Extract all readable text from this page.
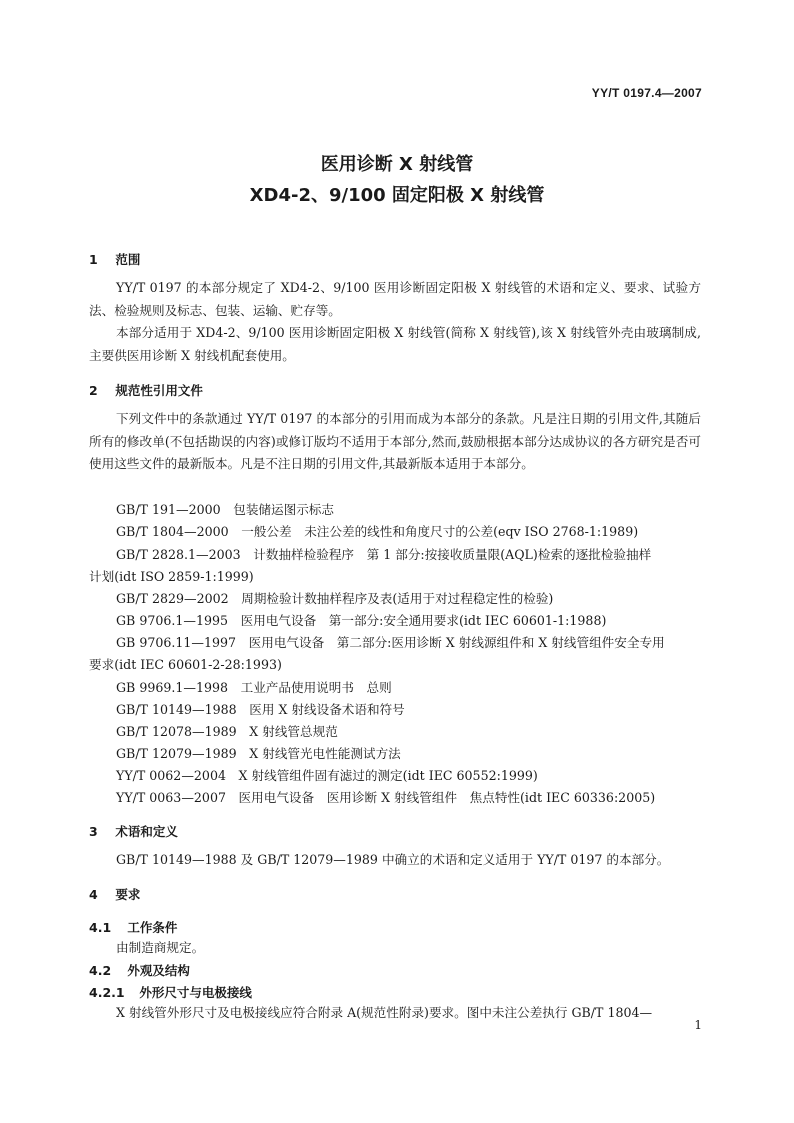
YY/T 0197.4—2007
医用诊断 X 射线管
XD4-2、9/100 固定阳极 X 射线管
1 范围
YY/T 0197 的本部分规定了 XD4-2、9/100 医用诊断固定阳极 X 射线管的术语和定义、要求、试验方法、检验规则及标志、包装、运输、贮存等。
本部分适用于 XD4-2、9/100 医用诊断固定阳极 X 射线管(简称 X 射线管),该 X 射线管外壳由玻璃制成,主要供医用诊断 X 射线机配套使用。
2 规范性引用文件
下列文件中的条款通过 YY/T 0197 的本部分的引用而成为本部分的条款。凡是注日期的引用文件,其随后所有的修改单(不包括勘误的内容)或修订版均不适用于本部分,然而,鼓励根据本部分达成协议的各方研究是否可使用这些文件的最新版本。凡是不注日期的引用文件,其最新版本适用于本部分。
GB/T 191—2000　包装储运图示标志
GB/T 1804—2000　一般公差　未注公差的线性和角度尺寸的公差(eqv ISO 2768-1:1989)
GB/T 2828.1—2003　计数抽样检验程序　第 1 部分:按接收质量限(AQL)检索的逐批检验抽样
计划(idt ISO 2859-1:1999)
GB/T 2829—2002　周期检验计数抽样程序及表(适用于对过程稳定性的检验)
GB 9706.1—1995　医用电气设备　第一部分:安全通用要求(idt IEC 60601-1:1988)
GB 9706.11—1997　医用电气设备　第二部分:医用诊断 X 射线源组件和 X 射线管组件安全专用
要求(idt IEC 60601-2-28:1993)
GB 9969.1—1998　工业产品使用说明书　总则
GB/T 10149—1988　医用 X 射线设备术语和符号
GB/T 12078—1989　X 射线管总规范
GB/T 12079—1989　X 射线管光电性能测试方法
YY/T 0062—2004　X 射线管组件固有滤过的测定(idt IEC 60552:1999)
YY/T 0063—2007　医用电气设备　医用诊断 X 射线管组件　焦点特性(idt IEC 60336:2005)
3 术语和定义
GB/T 10149—1988 及 GB/T 12079—1989 中确立的术语和定义适用于 YY/T 0197 的本部分。
4 要求
4.1 工作条件
由制造商规定。
4.2 外观及结构
4.2.1 外形尺寸与电极接线
X 射线管外形尺寸及电极接线应符合附录 A(规范性附录)要求。图中未注公差执行 GB/T 1804—
1
